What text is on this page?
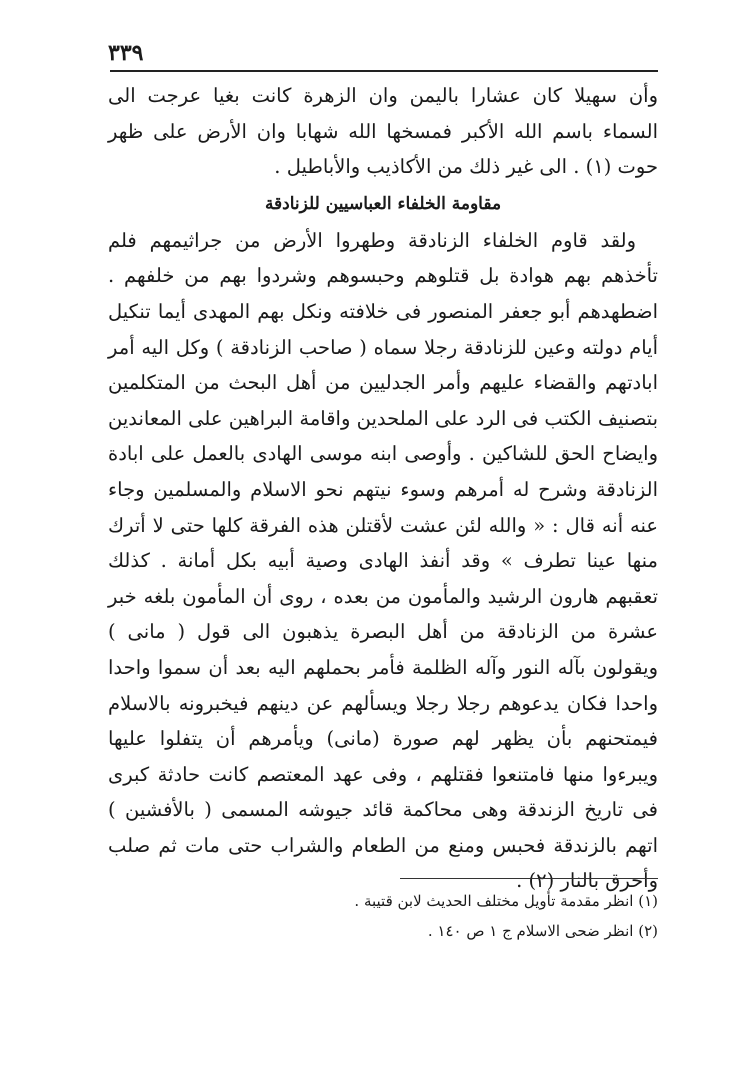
٣٣٩

وأن سهيلا كان عشارا باليمن وان الزهرة كانت بغيا عرجت الى السماء باسم الله الأكبر فمسخها الله شهابا وان الأرض على ظهر حوت (١) . الى غير ذلك من الأكاذيب والأباطيل .

مقاومة الخلفاء العباسيين للزنادقة

ولقد قاوم الخلفاء الزنادقة وطهروا الأرض من جراثيمهم فلم تأخذهم بهم هوادة بل قتلوهم وحبسوهم وشردوا بهم من خلفهم . اضطهدهم أبو جعفر المنصور فى خلافته ونكل بهم المهدى أيما تنكيل أيام دولته وعين للزنادقة رجلا سماه ( صاحب الزنادقة ) وكل اليه أمر ابادتهم والقضاء عليهم وأمر الجدليين من أهل البحث من المتكلمين بتصنيف الكتب فى الرد على الملحدين واقامة البراهين على المعاندين وايضاح الحق للشاكين . وأوصى ابنه موسى الهادى بالعمل على ابادة الزنادقة وشرح له أمرهم وسوء نيتهم نحو الاسلام والمسلمين وجاء عنه أنه قال : « والله لئن عشت لأقتلن هذه الفرقة كلها حتى لا أترك منها عينا تطرف » وقد أنفذ الهادى وصية أبيه بكل أمانة . كذلك تعقبهم هارون الرشيد والمأمون من بعده ، روى أن المأمون بلغه خبر عشرة من الزنادقة من أهل البصرة يذهبون الى قول ( مانى ) ويقولون بآله النور وآله الظلمة فأمر بحملهم اليه بعد أن سموا واحدا واحدا فكان يدعوهم رجلا رجلا ويسألهم عن دينهم فيخبرونه بالاسلام فيمتحنهم بأن يظهر لهم صورة (مانى) ويأمرهم أن يتفلوا عليها ويبرءوا منها فامتنعوا فقتلهم ، وفى عهد المعتصم كانت حادثة كبرى فى تاريخ الزندقة وهى محاكمة قائد جيوشه المسمى ( بالأفشين ) اتهم بالزندقة فحبس ومنع من الطعام والشراب حتى مات ثم صلب وأحرق بالنار (٢) .

(١) انظر مقدمة تأويل مختلف الحديث لابن قتيبة .

(٢) انظر ضحى الاسلام ج ١ ص ١٤٠ .
